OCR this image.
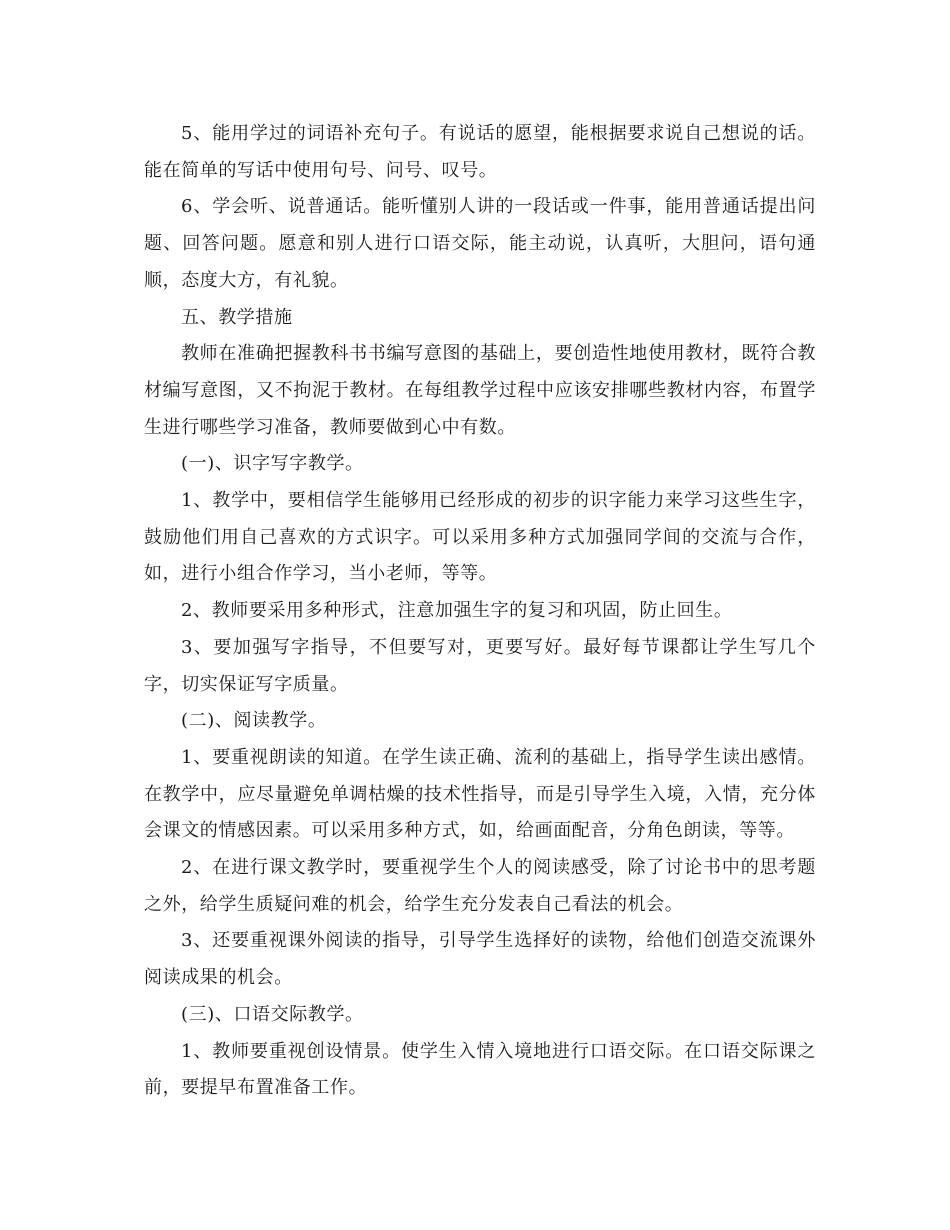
5、能用学过的词语补充句子。有说话的愿望，能根据要求说自己想说的话。能在简单的写话中使用句号、问号、叹号。

6、学会听、说普通话。能听懂别人讲的一段话或一件事，能用普通话提出问题、回答问题。愿意和别人进行口语交际，能主动说，认真听，大胆问，语句通顺，态度大方，有礼貌。

五、教学措施

教师在准确把握教科书书编写意图的基础上，要创造性地使用教材，既符合教材编写意图，又不拘泥于教材。在每组教学过程中应该安排哪些教材内容，布置学生进行哪些学习准备，教师要做到心中有数。

(一)、识字写字教学。

1、教学中，要相信学生能够用已经形成的初步的识字能力来学习这些生字，鼓励他们用自己喜欢的方式识字。可以采用多种方式加强同学间的交流与合作，如，进行小组合作学习，当小老师，等等。

2、教师要采用多种形式，注意加强生字的复习和巩固，防止回生。

3、要加强写字指导，不但要写对，更要写好。最好每节课都让学生写几个字，切实保证写字质量。

(二)、阅读教学。

1、要重视朗读的知道。在学生读正确、流利的基础上，指导学生读出感情。在教学中，应尽量避免单调枯燥的技术性指导，而是引导学生入境，入情，充分体会课文的情感因素。可以采用多种方式，如，给画面配音，分角色朗读，等等。

2、在进行课文教学时，要重视学生个人的阅读感受，除了讨论书中的思考题之外，给学生质疑问难的机会，给学生充分发表自己看法的机会。

3、还要重视课外阅读的指导，引导学生选择好的读物，给他们创造交流课外阅读成果的机会。

(三)、口语交际教学。

1、教师要重视创设情景。使学生入情入境地进行口语交际。在口语交际课之前，要提早布置准备工作。
